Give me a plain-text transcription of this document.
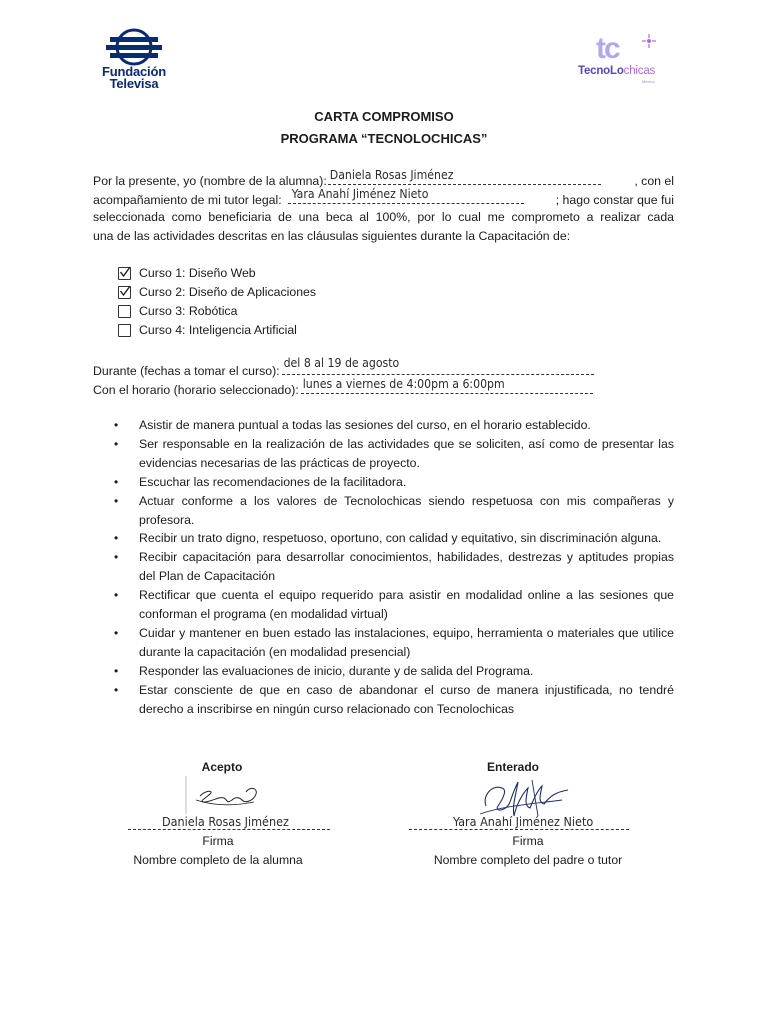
Fundación
Televisa
tc
TecnoLochicas
México
CARTA COMPROMISO
PROGRAMA “TECNOLOCHICAS”
Por la presente, yo (nombre de la alumna): Daniela Rosas Jiménez	, con el
acompañamiento de mi tutor legal: Yara Anahí Jiménez Nieto	; hago constar que fui
seleccionada como beneficiaria de una beca al 100%, por lo cual me comprometo a realizar cada
una de las actividades descritas en las cláusulas siguientes durante la Capacitación de:
Curso 1: Diseño Web
Curso 2: Diseño de Aplicaciones
Curso 3: Robótica
Curso 4: Inteligencia Artificial
Durante (fechas a tomar el curso):
del 8 al 19 de agosto
Con el horario (horario seleccionado): lunes a viernes de 4:00pm a 6:00pm
• Asistir de manera puntual a todas las sesiones del curso, en el horario establecido.
• Ser responsable en la realización de las actividades que se soliciten, así como de presentar las evidencias necesarias de las prácticas de proyecto.
• Escuchar las recomendaciones de la facilitadora.
• Actuar conforme a los valores de Tecnolochicas siendo respetuosa con mis compañeras y profesora.
• Recibir un trato digno, respetuoso, oportuno, con calidad y equitativo, sin discriminación alguna.
• Recibir capacitación para desarrollar conocimientos, habilidades, destrezas y aptitudes propias del Plan de Capacitación
• Rectificar que cuenta el equipo requerido para asistir en modalidad online a las sesiones que conforman el programa (en modalidad virtual)
• Cuidar y mantener en buen estado las instalaciones, equipo, herramienta o materiales que utilice durante la capacitación (en modalidad presencial)
• Responder las evaluaciones de inicio, durante y de salida del Programa.
• Estar consciente de que en caso de abandonar el curso de manera injustificada, no tendré derecho a inscribirse en ningún curso relacionado con Tecnolochicas
Acepto
Daniela Rosas Jiménez
Firma
Nombre completo de la alumna
Enterado
Yara Anahí Jiménez Nieto
Firma
Nombre completo del padre o tutor
